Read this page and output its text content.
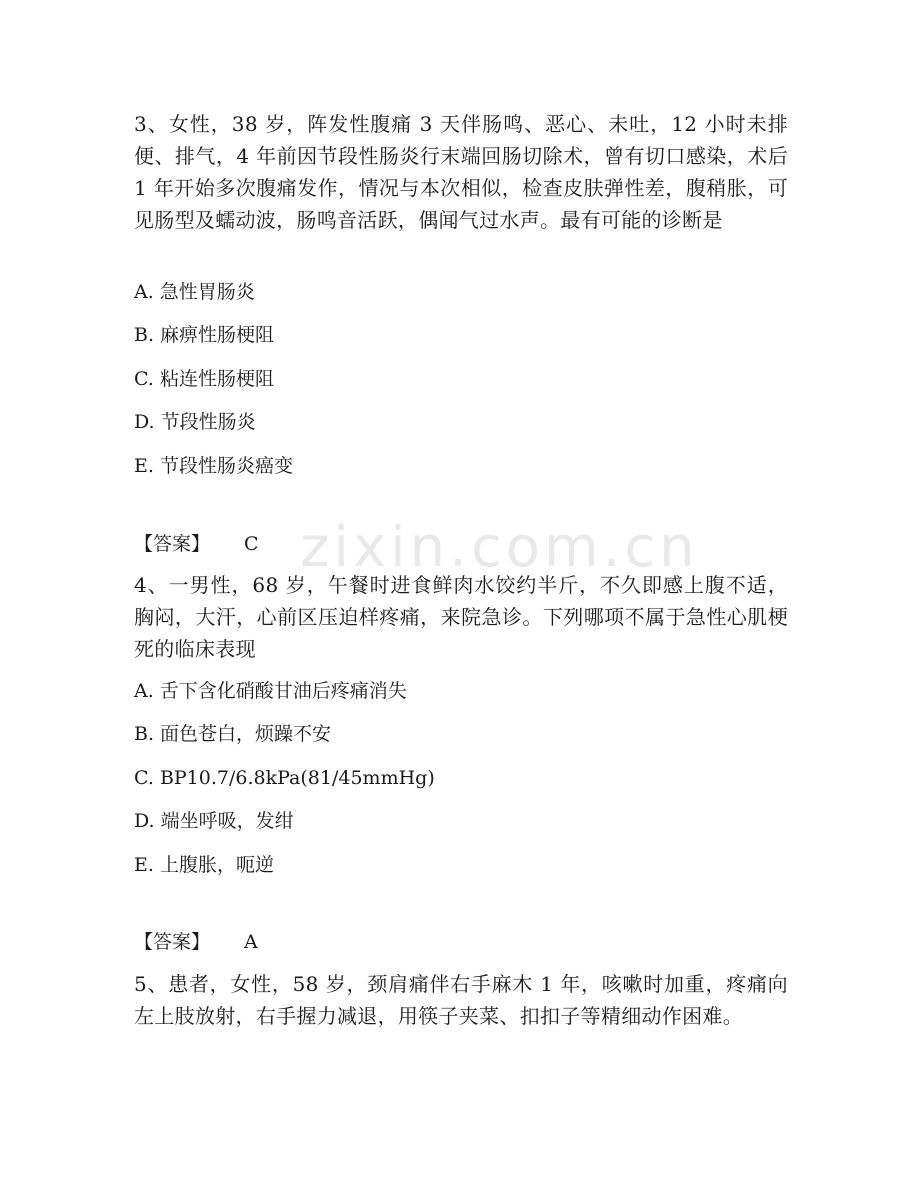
zixin.com.cn

3、女性，38 岁，阵发性腹痛 3 天伴肠鸣、恶心、未吐，12 小时未排便、排气，4 年前因节段性肠炎行末端回肠切除术，曾有切口感染，术后 1 年开始多次腹痛发作，情况与本次相似，检查皮肤弹性差，腹稍胀，可见肠型及蠕动波，肠鸣音活跃，偶闻气过水声。最有可能的诊断是

A. 急性胃肠炎
B. 麻痹性肠梗阻
C. 粘连性肠梗阻
D. 节段性肠炎
E. 节段性肠炎癌变
【答案】 C

4、一男性，68 岁，午餐时进食鲜肉水饺约半斤，不久即感上腹不适，胸闷，大汗，心前区压迫样疼痛，来院急诊。下列哪项不属于急性心肌梗死的临床表现

A. 舌下含化硝酸甘油后疼痛消失
B. 面色苍白，烦躁不安
C. BP10.7/6.8kPa(81/45mmHg)
D. 端坐呼吸，发绀
E. 上腹胀，呃逆
【答案】 A

5、患者，女性，58 岁，颈肩痛伴右手麻木 1 年，咳嗽时加重，疼痛向左上肢放射，右手握力减退，用筷子夹菜、扣扣子等精细动作困难。
